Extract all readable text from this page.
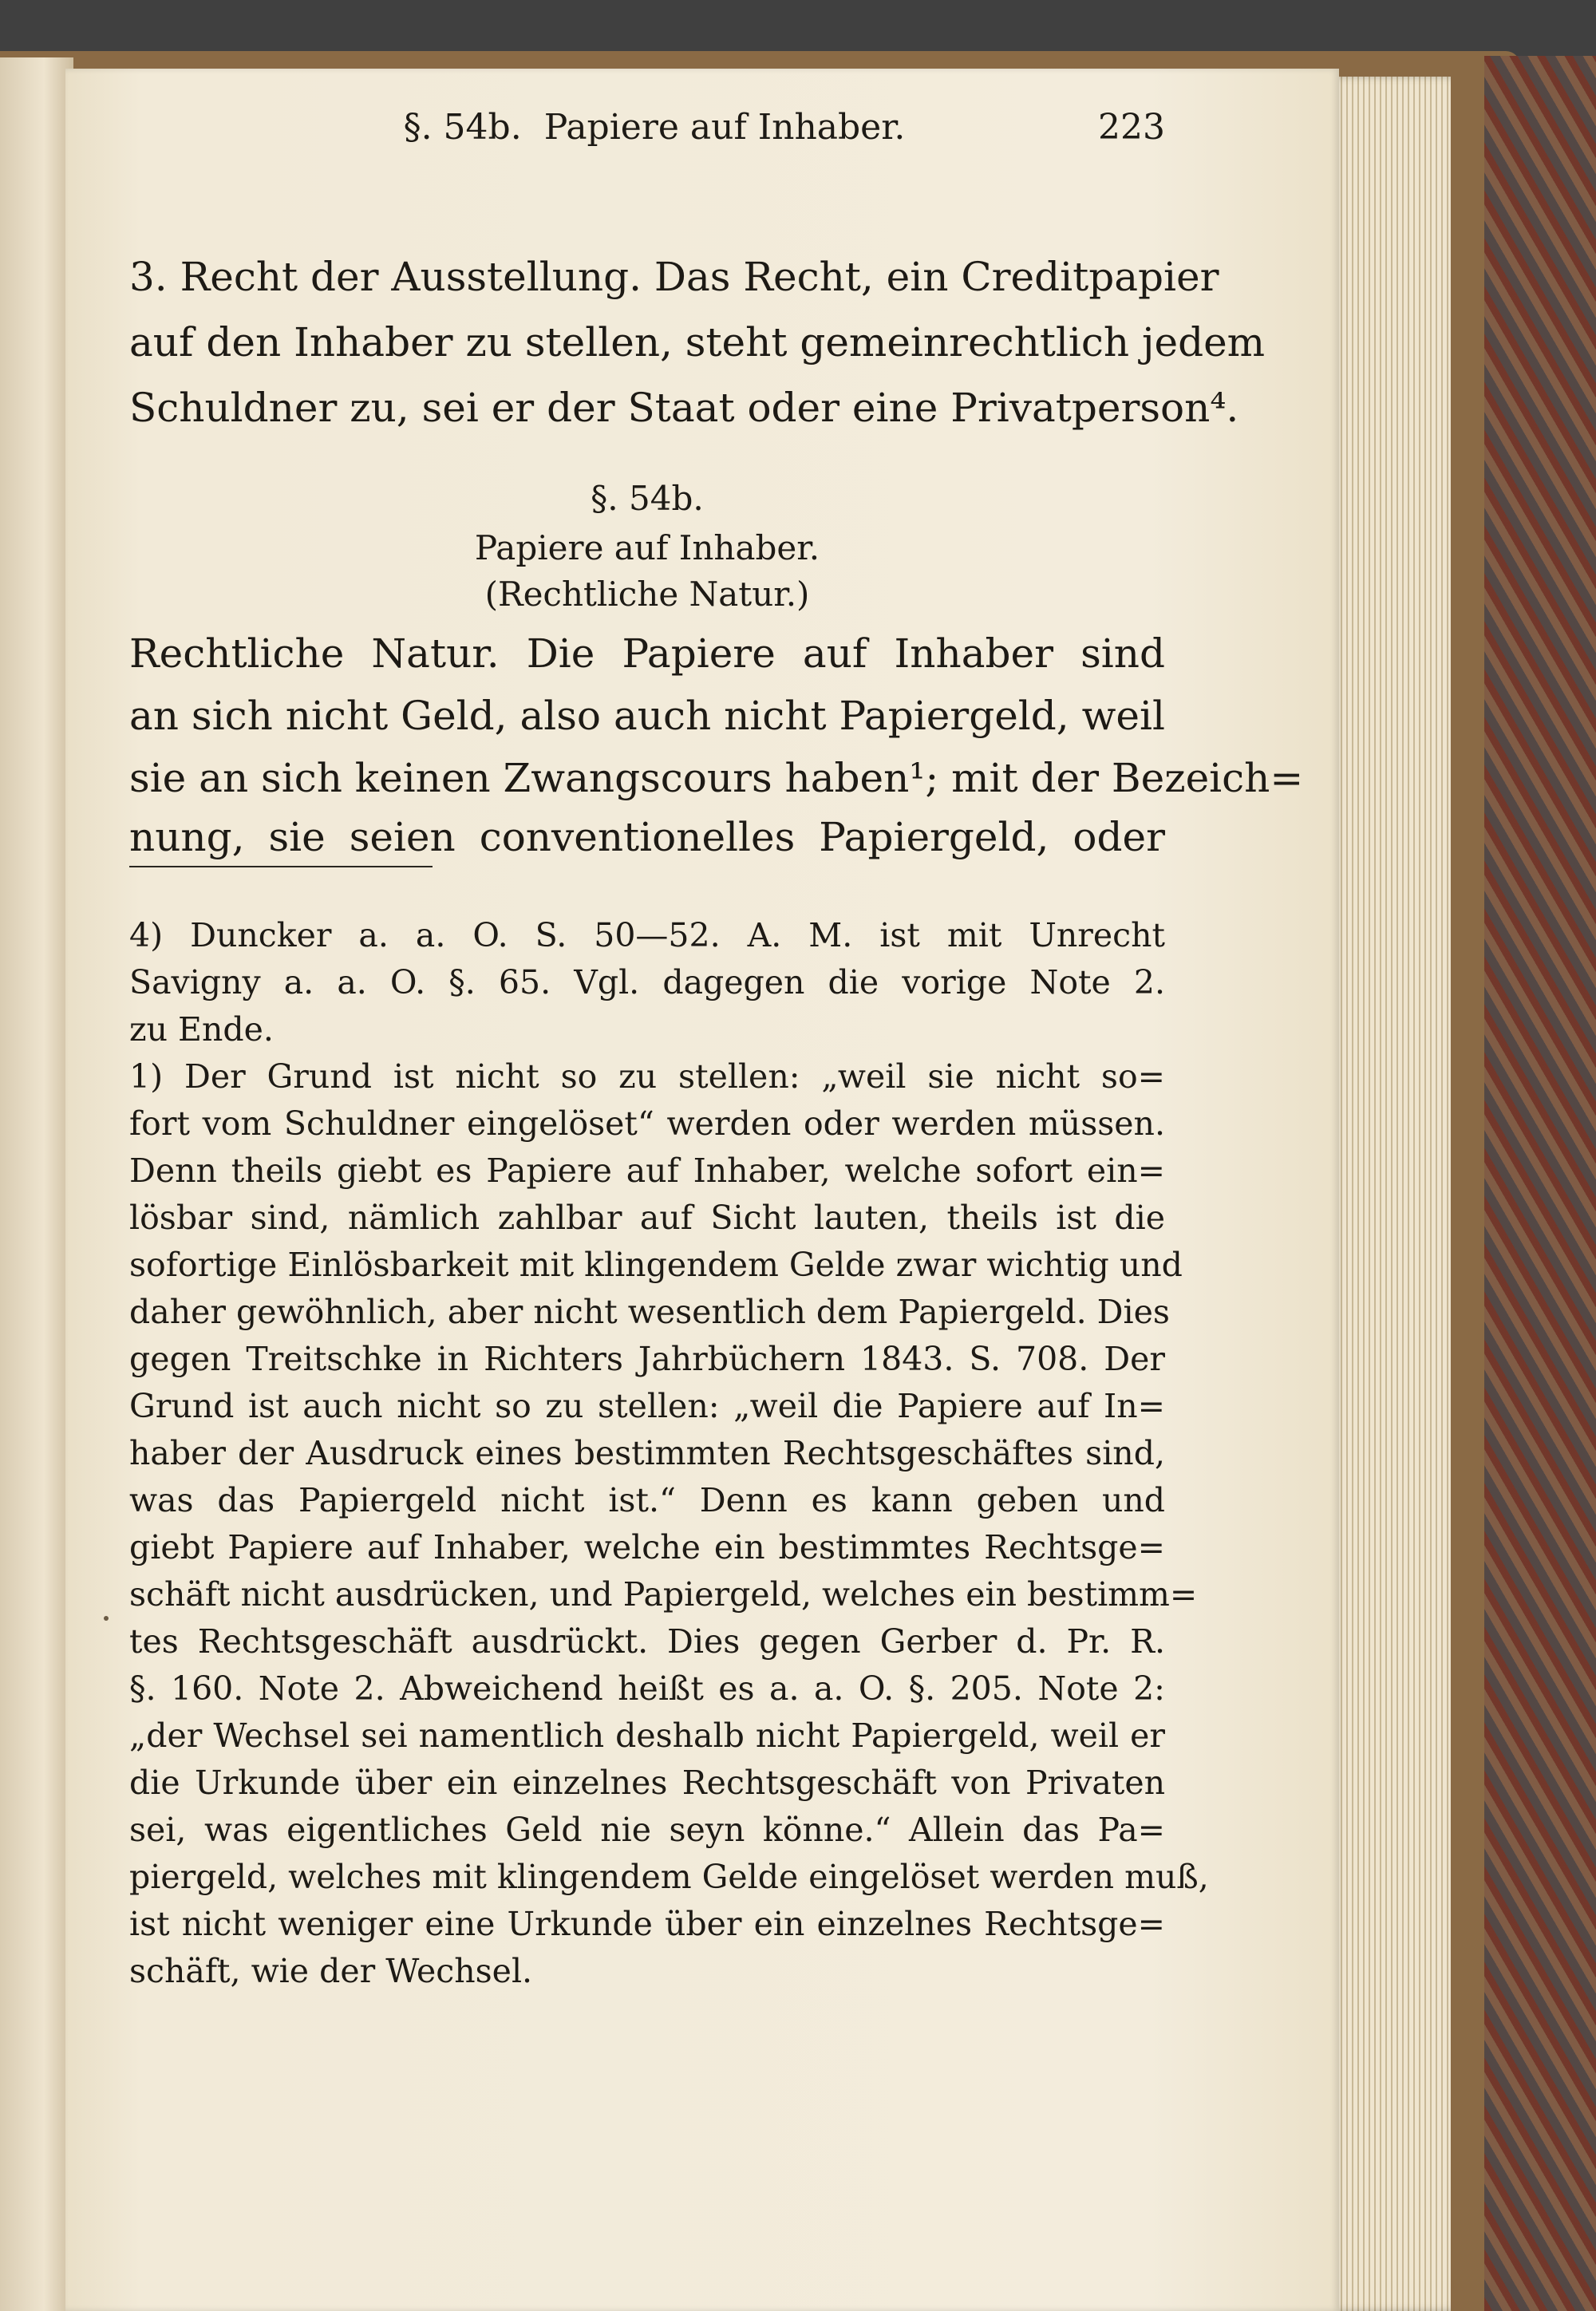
§. 54b. Papiere auf Inhaber.	223
3. Recht der Ausstellung. Das Recht, ein Creditpapier
auf den Inhaber zu stellen, steht gemeinrechtlich jedem
Schuldner zu, sei er der Staat oder eine Privatperson⁴.
§. 54b.
Papiere auf Inhaber.
(Rechtliche Natur.)
Rechtliche Natur. Die Papiere auf Inhaber sind
an sich nicht Geld, also auch nicht Papiergeld, weil
sie an sich keinen Zwangscours haben¹; mit der Bezeich=
nung, sie seien conventionelles Papiergeld, oder
4) Duncker a. a. O. S. 50—52. A. M. ist mit Unrecht
Savigny a. a. O. §. 65. Vgl. dagegen die vorige Note 2.
zu Ende.
1) Der Grund ist nicht so zu stellen: „weil sie nicht so=
fort vom Schuldner eingelöset“ werden oder werden müssen.
Denn theils giebt es Papiere auf Inhaber, welche sofort ein=
lösbar sind, nämlich zahlbar auf Sicht lauten, theils ist die
sofortige Einlösbarkeit mit klingendem Gelde zwar wichtig und
daher gewöhnlich, aber nicht wesentlich dem Papiergeld. Dies
gegen Treitschke in Richters Jahrbüchern 1843. S. 708. Der
Grund ist auch nicht so zu stellen: „weil die Papiere auf In=
haber der Ausdruck eines bestimmten Rechtsgeschäftes sind,
was das Papiergeld nicht ist.“ Denn es kann geben und
giebt Papiere auf Inhaber, welche ein bestimmtes Rechtsge=
schäft nicht ausdrücken, und Papiergeld, welches ein bestimm=
tes Rechtsgeschäft ausdrückt. Dies gegen Gerber d. Pr. R.
§. 160. Note 2. Abweichend heißt es a. a. O. §. 205. Note 2:
„der Wechsel sei namentlich deshalb nicht Papiergeld, weil er
die Urkunde über ein einzelnes Rechtsgeschäft von Privaten
sei, was eigentliches Geld nie seyn könne.“ Allein das Pa=
piergeld, welches mit klingendem Gelde eingelöset werden muß,
ist nicht weniger eine Urkunde über ein einzelnes Rechtsge=
schäft, wie der Wechsel.
